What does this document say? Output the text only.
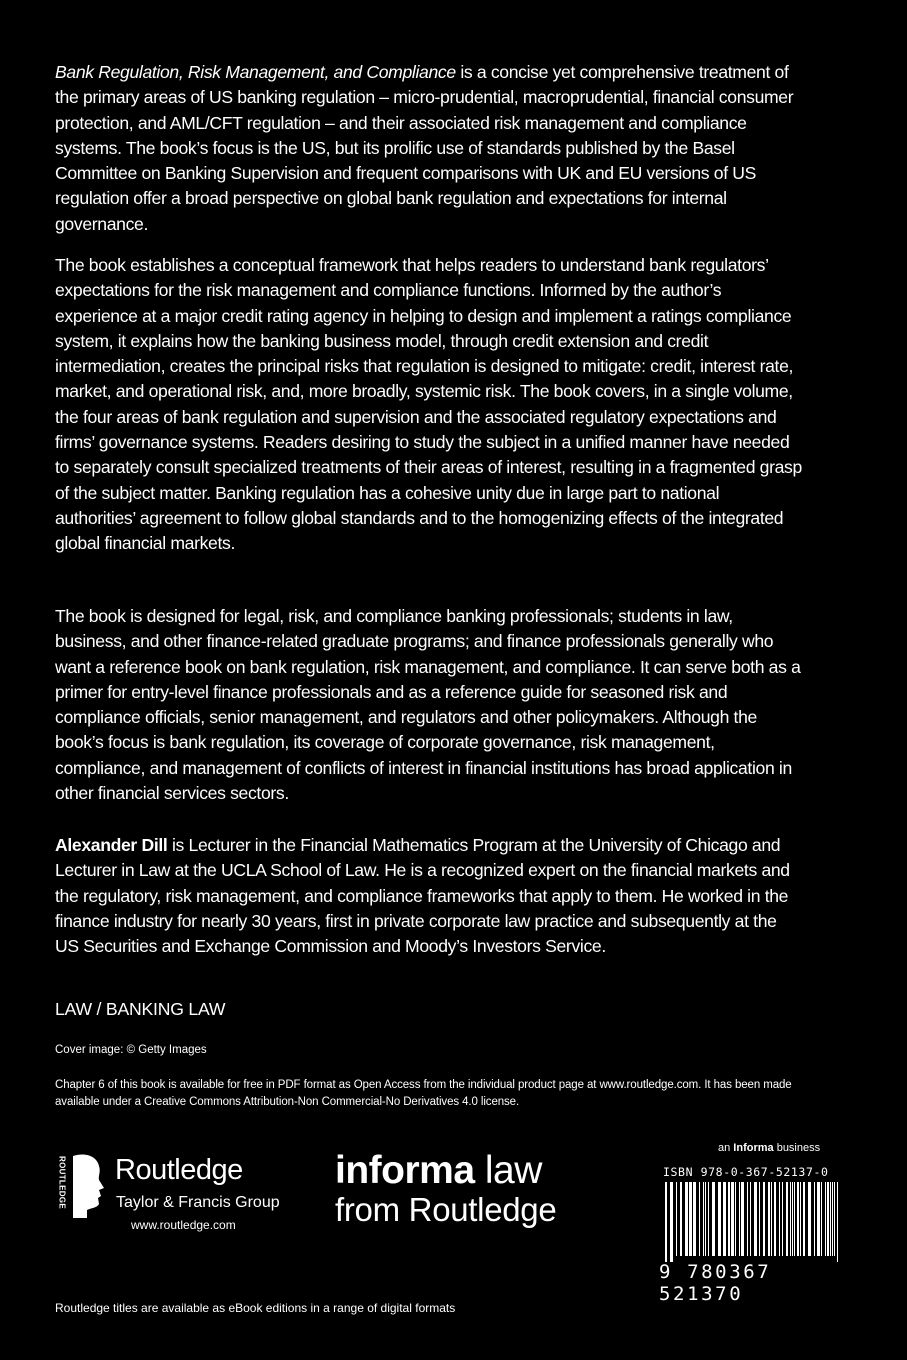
Bank Regulation, Risk Management, and Compliance is a concise yet comprehensive treatment of the primary areas of US banking regulation – micro-prudential, macroprudential, financial consumer protection, and AML/CFT regulation – and their associated risk management and compliance systems. The book’s focus is the US, but its prolific use of standards published by the Basel Committee on Banking Supervision and frequent comparisons with UK and EU versions of US regulation offer a broad perspective on global bank regulation and expectations for internal governance.

The book establishes a conceptual framework that helps readers to understand bank regulators’ expectations for the risk management and compliance functions. Informed by the author’s experience at a major credit rating agency in helping to design and implement a ratings compliance system, it explains how the banking business model, through credit extension and credit intermediation, creates the principal risks that regulation is designed to mitigate: credit, interest rate, market, and operational risk, and, more broadly, systemic risk. The book covers, in a single volume, the four areas of bank regulation and supervision and the associated regulatory expectations and firms’ governance systems. Readers desiring to study the subject in a unified manner have needed to separately consult specialized treatments of their areas of interest, resulting in a fragmented grasp of the subject matter. Banking regulation has a cohesive unity due in large part to national authorities’ agreement to follow global standards and to the homogenizing effects of the integrated global financial markets.

The book is designed for legal, risk, and compliance banking professionals; students in law, business, and other finance-related graduate programs; and finance professionals generally who want a reference book on bank regulation, risk management, and compliance. It can serve both as a primer for entry-level finance professionals and as a reference guide for seasoned risk and compliance officials, senior management, and regulators and other policymakers. Although the book’s focus is bank regulation, its coverage of corporate governance, risk management, compliance, and management of conflicts of interest in financial institutions has broad application in other financial services sectors.

Alexander Dill is Lecturer in the Financial Mathematics Program at the University of Chicago and Lecturer in Law at the UCLA School of Law. He is a recognized expert on the financial markets and the regulatory, risk management, and compliance frameworks that apply to them. He worked in the finance industry for nearly 30 years, first in private corporate law practice and subsequently at the US Securities and Exchange Commission and Moody’s Investors Service.

LAW / BANKING LAW
Cover image: © Getty Images
Chapter 6 of this book is available for free in PDF format as Open Access from the individual product page at www.routledge.com. It has been made available under a Creative Commons Attribution-Non Commercial-No Derivatives 4.0 license.
an Informa business
ROUTLEDGE Routledge
Taylor & Francis Group
www.routledge.com
informa law
from Routledge
ISBN 978-0-367-52137-0
9 780367 521370
Routledge titles are available as eBook editions in a range of digital formats
